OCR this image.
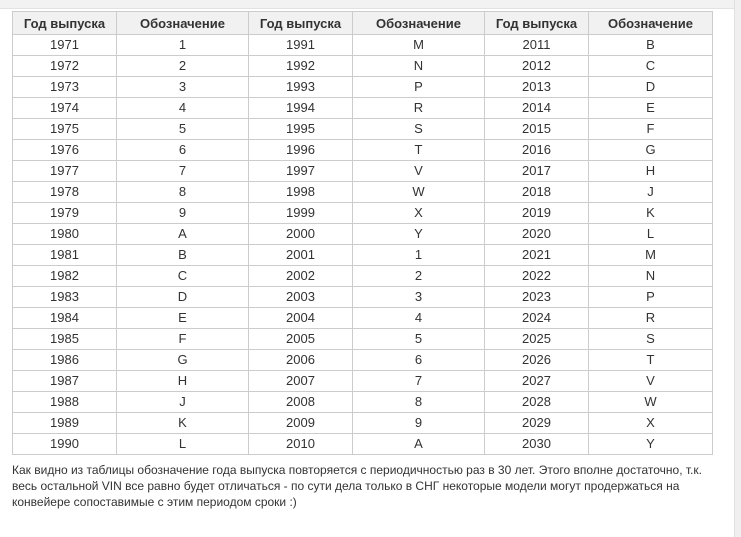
Год выпуска	Обозначение	Год выпуска	Обозначение	Год выпуска	Обозначение
1971	1	1991	M	2011	B
1972	2	1992	N	2012	C
1973	3	1993	P	2013	D
1974	4	1994	R	2014	E
1975	5	1995	S	2015	F
1976	6	1996	T	2016	G
1977	7	1997	V	2017	H
1978	8	1998	W	2018	J
1979	9	1999	X	2019	K
1980	A	2000	Y	2020	L
1981	B	2001	1	2021	M
1982	C	2002	2	2022	N
1983	D	2003	3	2023	P
1984	E	2004	4	2024	R
1985	F	2005	5	2025	S
1986	G	2006	6	2026	T
1987	H	2007	7	2027	V
1988	J	2008	8	2028	W
1989	K	2009	9	2029	X
1990	L	2010	A	2030	Y
Как видно из таблицы обозначение года выпуска повторяется с периодичностью раз в 30 лет. Этого вполне достаточно, т.к. весь остальной VIN все равно будет отличаться - по сути дела только в СНГ некоторые модели могут продержаться на конвейере сопоставимые с этим периодом сроки :)
